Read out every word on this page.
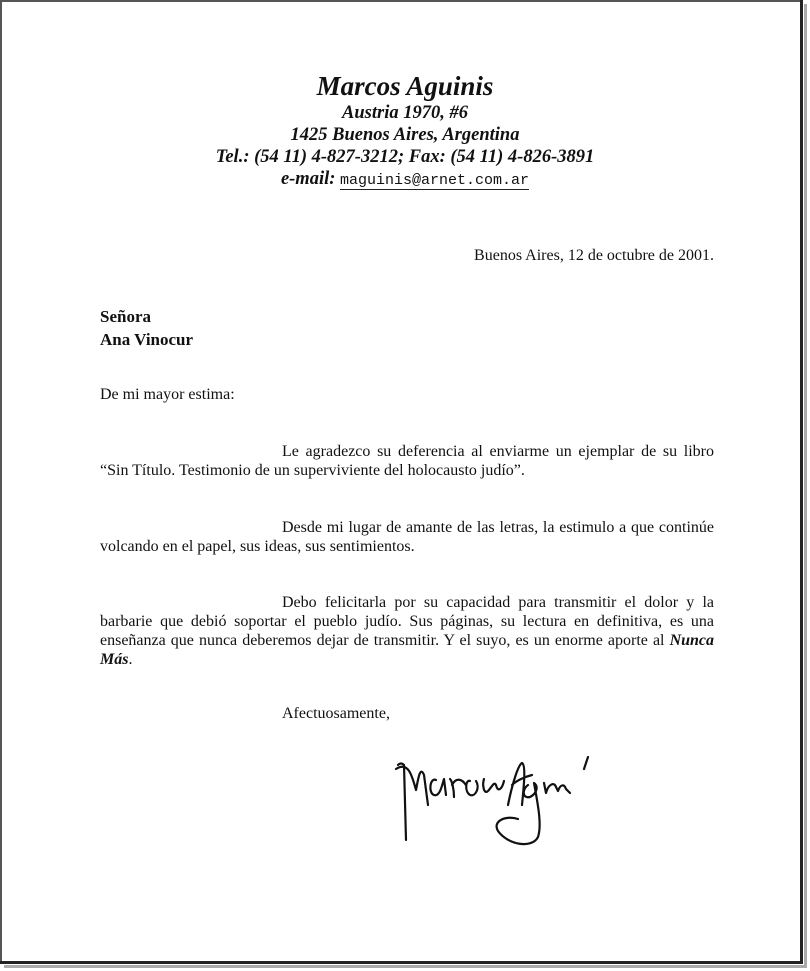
Marcos Aguinis
Austria 1970, #6
1425 Buenos Aires, Argentina
Tel.: (54 11) 4-827-3212; Fax: (54 11) 4-826-3891
e-mail: maguinis@arnet.com.ar
Buenos Aires, 12 de octubre de 2001.
Señora
Ana Vinocur
De mi mayor estima:
Le agradezco su deferencia al enviarme un ejemplar de su libro “Sin Título. Testimonio de un superviviente del holocausto judío”.
Desde mi lugar de amante de las letras, la estimulo a que continúe volcando en el papel, sus ideas, sus sentimientos.
Debo felicitarla por su capacidad para transmitir el dolor y la barbarie que debió soportar el pueblo judío. Sus páginas, su lectura en definitiva, es una enseñanza que nunca deberemos dejar de transmitir. Y el suyo, es un enorme aporte al Nunca Más.
Afectuosamente,
